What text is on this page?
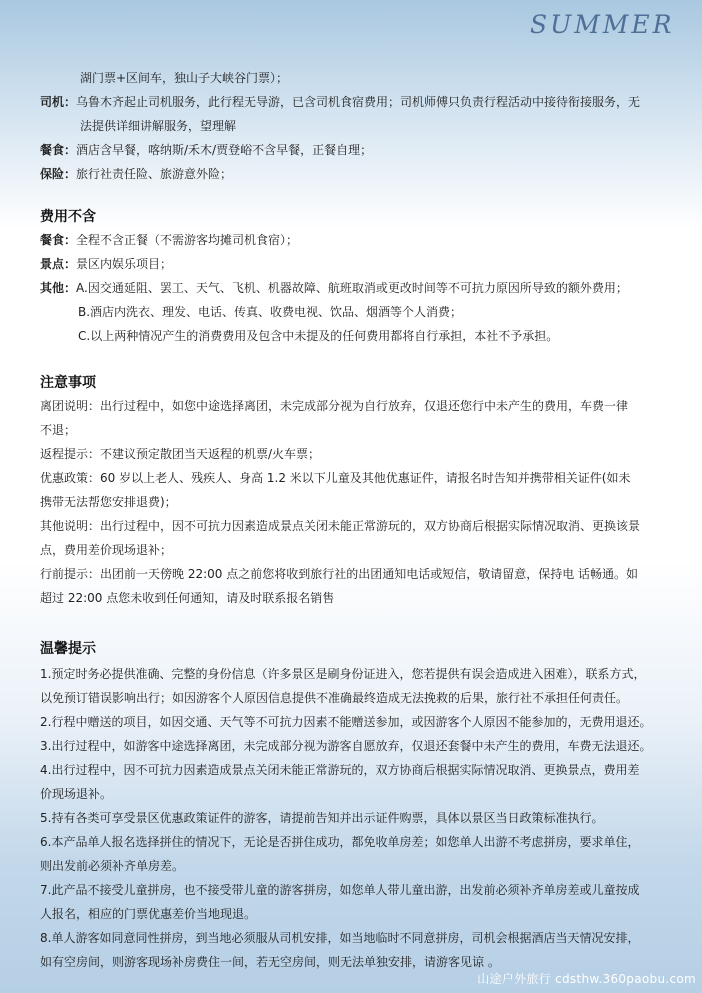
SUMMER
湖门票+区间车，独山子大峡谷门票）；
司机：乌鲁木齐起止司机服务，此行程无导游，已含司机食宿费用；司机师傅只负责行程活动中接待衔接服务，无
法提供详细讲解服务，望理解
餐食：酒店含早餐，喀纳斯/禾木/贾登峪不含早餐，正餐自理；
保险：旅行社责任险、旅游意外险；
费用不含
餐食：全程不含正餐（不需游客均摊司机食宿）；
景点：景区内娱乐项目；
其他：A.因交通延阻、罢工、天气、飞机、机器故障、航班取消或更改时间等不可抗力原因所导致的额外费用；
B.酒店内洗衣、理发、电话、传真、收费电视、饮品、烟酒等个人消费；
C.以上两种情况产生的消费费用及包含中未提及的任何费用都将自行承担，本社不予承担。
注意事项
离团说明：出行过程中，如您中途选择离团，未完成部分视为自行放弃，仅退还您行中未产生的费用，车费一律
不退；
返程提示：不建议预定散团当天返程的机票/火车票；
优惠政策：60 岁以上老人、残疾人、身高 1.2 米以下儿童及其他优惠证件，请报名时告知并携带相关证件(如未
携带无法帮您安排退费)；
其他说明：出行过程中，因不可抗力因素造成景点关闭未能正常游玩的，双方协商后根据实际情况取消、更换该景
点，费用差价现场退补；
行前提示：出团前一天傍晚 22:00 点之前您将收到旅行社的出团通知电话或短信，敬请留意，保持电 话畅通。如
超过 22:00 点您未收到任何通知，请及时联系报名销售
温馨提示
1.预定时务必提供准确、完整的身份信息（许多景区是刷身份证进入，您若提供有误会造成进入困难），联系方式，
以免预订错误影响出行；如因游客个人原因信息提供不准确最终造成无法挽救的后果，旅行社不承担任何责任。
2.行程中赠送的项目，如因交通、天气等不可抗力因素不能赠送参加，或因游客个人原因不能参加的，无费用退还。
3.出行过程中，如游客中途选择离团，未完成部分视为游客自愿放弃，仅退还套餐中未产生的费用，车费无法退还。
4.出行过程中，因不可抗力因素造成景点关闭未能正常游玩的，双方协商后根据实际情况取消、更换景点，费用差
价现场退补。
5.持有各类可享受景区优惠政策证件的游客，请提前告知并出示证件购票，具体以景区当日政策标准执行。
6.本产品单人报名选择拼住的情况下，无论是否拼住成功，都免收单房差；如您单人出游不考虑拼房，要求单住，
则出发前必须补齐单房差。
7.此产品不接受儿童拼房，也不接受带儿童的游客拼房，如您单人带儿童出游，出发前必须补齐单房差或儿童按成
人报名，相应的门票优惠差价当地现退。
8.单人游客如同意同性拼房，到当地必须服从司机安排，如当地临时不同意拼房，司机会根据酒店当天情况安排，
如有空房间，则游客现场补房费住一间，若无空房间，则无法单独安排，请游客见谅 。
山途户外旅行 cdsthw.360paobu.com
